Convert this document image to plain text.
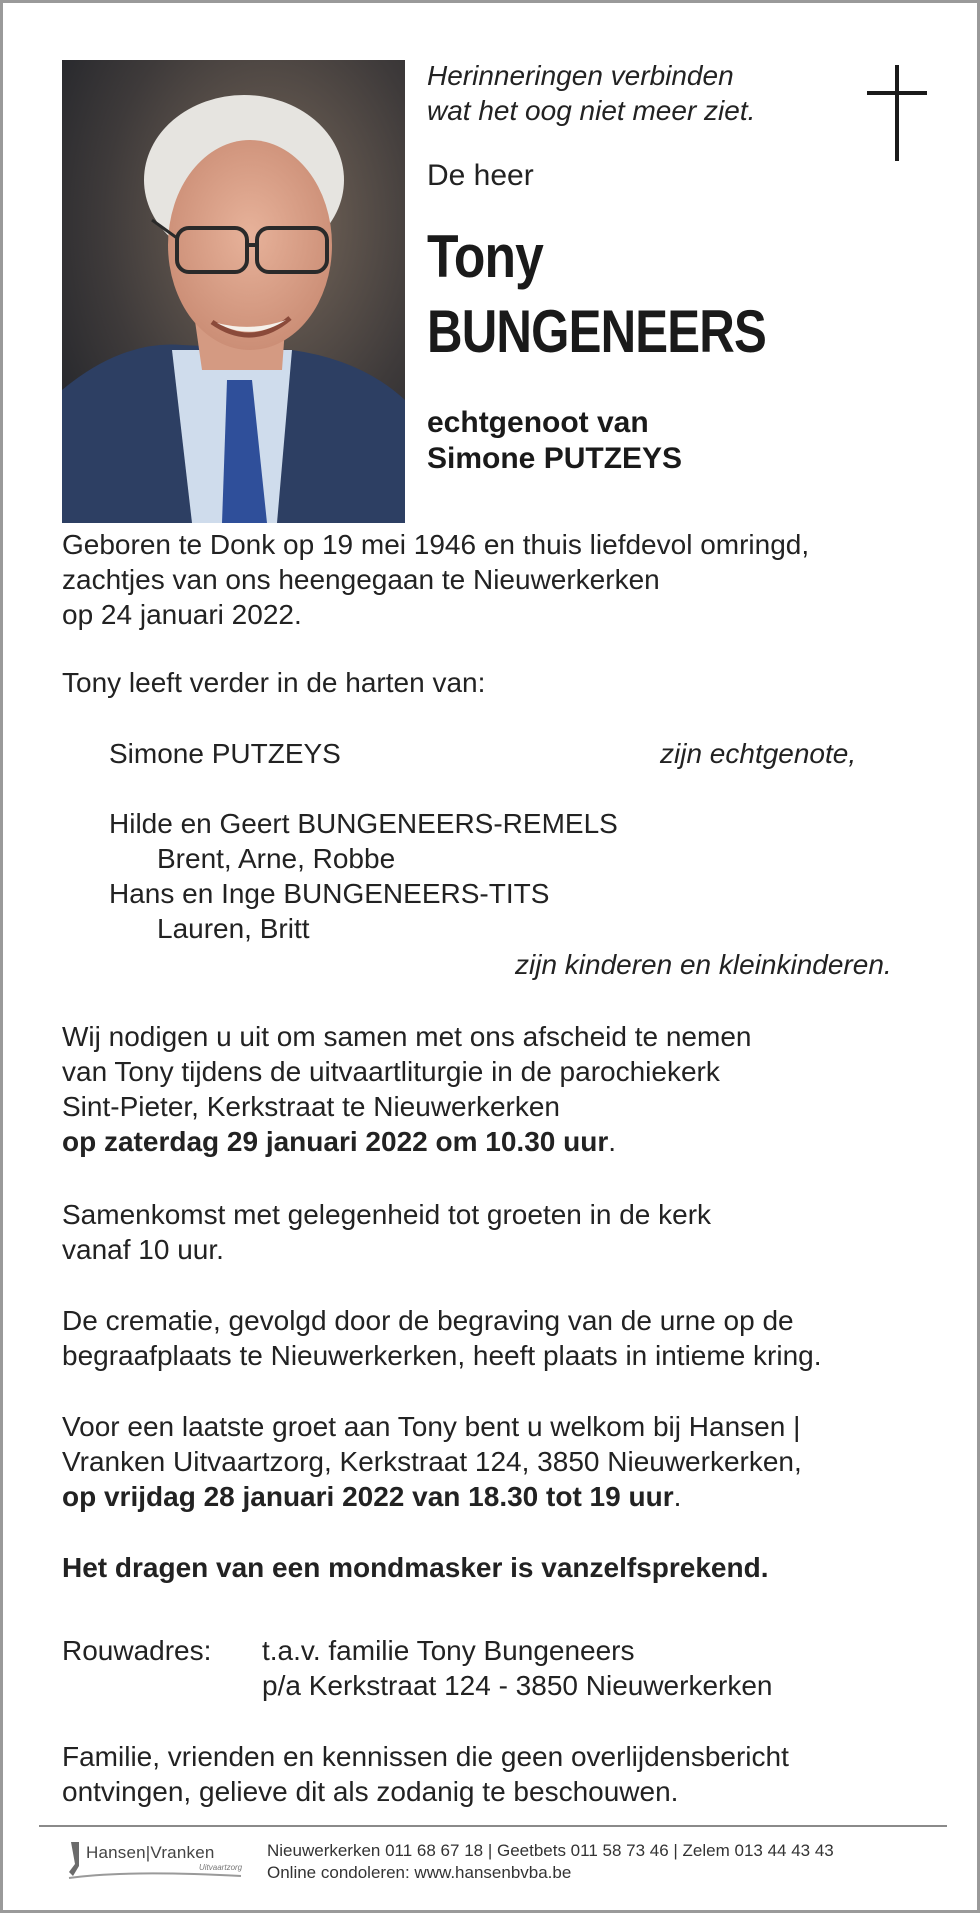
Herinneringen verbinden
wat het oog niet meer ziet.
De heer
Tony
BUNGENEERS
echtgenoot van
Simone PUTZEYS
Geboren te Donk op 19 mei 1946 en thuis liefdevol omringd,
zachtjes van ons heengegaan te Nieuwerkerken
op 24 januari 2022.
Tony leeft verder in de harten van:
Simone PUTZEYS	zijn echtgenote,
Hilde en Geert BUNGENEERS-REMELS
Brent, Arne, Robbe
Hans en Inge BUNGENEERS-TITS
Lauren, Britt
zijn kinderen en kleinkinderen.
Wij nodigen u uit om samen met ons afscheid te nemen
van Tony tijdens de uitvaartliturgie in de parochiekerk
Sint-Pieter, Kerkstraat te Nieuwerkerken
op zaterdag 29 januari 2022 om 10.30 uur.
Samenkomst met gelegenheid tot groeten in de kerk
vanaf 10 uur.
De crematie, gevolgd door de begraving van de urne op de
begraafplaats te Nieuwerkerken, heeft plaats in intieme kring.
Voor een laatste groet aan Tony bent u welkom bij Hansen |
Vranken Uitvaartzorg, Kerkstraat 124, 3850 Nieuwerkerken,
op vrijdag 28 januari 2022 van 18.30 tot 19 uur.
Het dragen van een mondmasker is vanzelfsprekend.
Rouwadres: t.a.v. familie Tony Bungeneers
p/a Kerkstraat 124 - 3850 Nieuwerkerken
Familie, vrienden en kennissen die geen overlijdensbericht
ontvingen, gelieve dit als zodanig te beschouwen.
Hansen|Vranken
Uitvaartzorg
Nieuwerkerken 011 68 67 18 | Geetbets 011 58 73 46 | Zelem 013 44 43 43
Online condoleren: www.hansenbvba.be
